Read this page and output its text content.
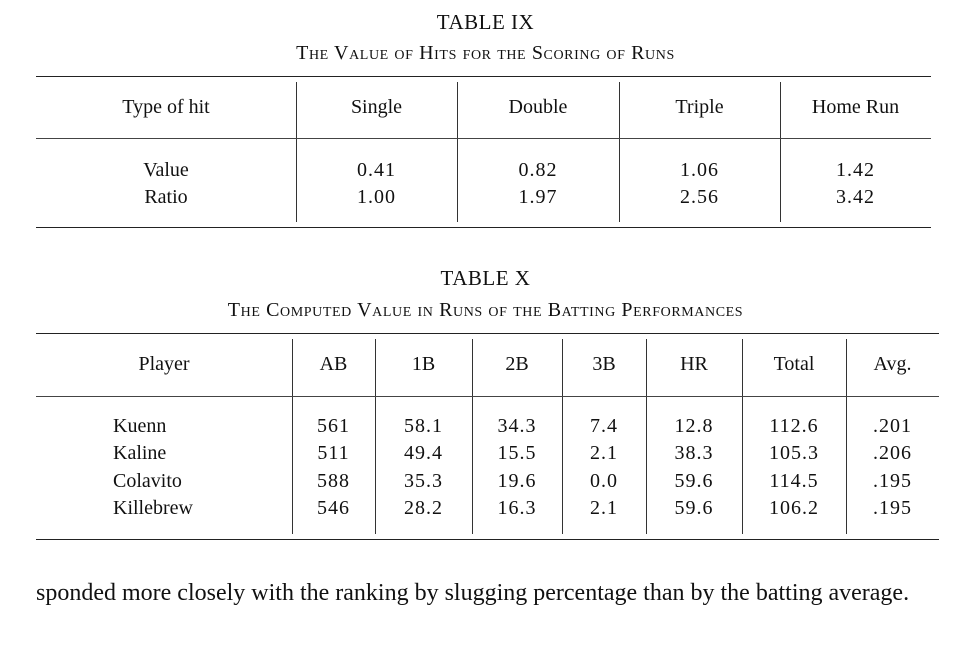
TABLE IX
The Value of Hits for the Scoring of Runs
Type of hit	Single	Double	Triple	Home Run
Value	0.41	0.82	1.06	1.42
Ratio	1.00	1.97	2.56	3.42
TABLE X
The Computed Value in Runs of the Batting Performances
Player	AB	1B	2B	3B	HR	Total	Avg.
Kuenn	561	58.1	34.3	7.4	12.8	112.6	.201
Kaline	511	49.4	15.5	2.1	38.3	105.3	.206
Colavito	588	35.3	19.6	0.0	59.6	114.5	.195
Killebrew	546	28.2	16.3	2.1	59.6	106.2	.195
sponded more closely with the ranking by slugging percentage than by the batting average.
